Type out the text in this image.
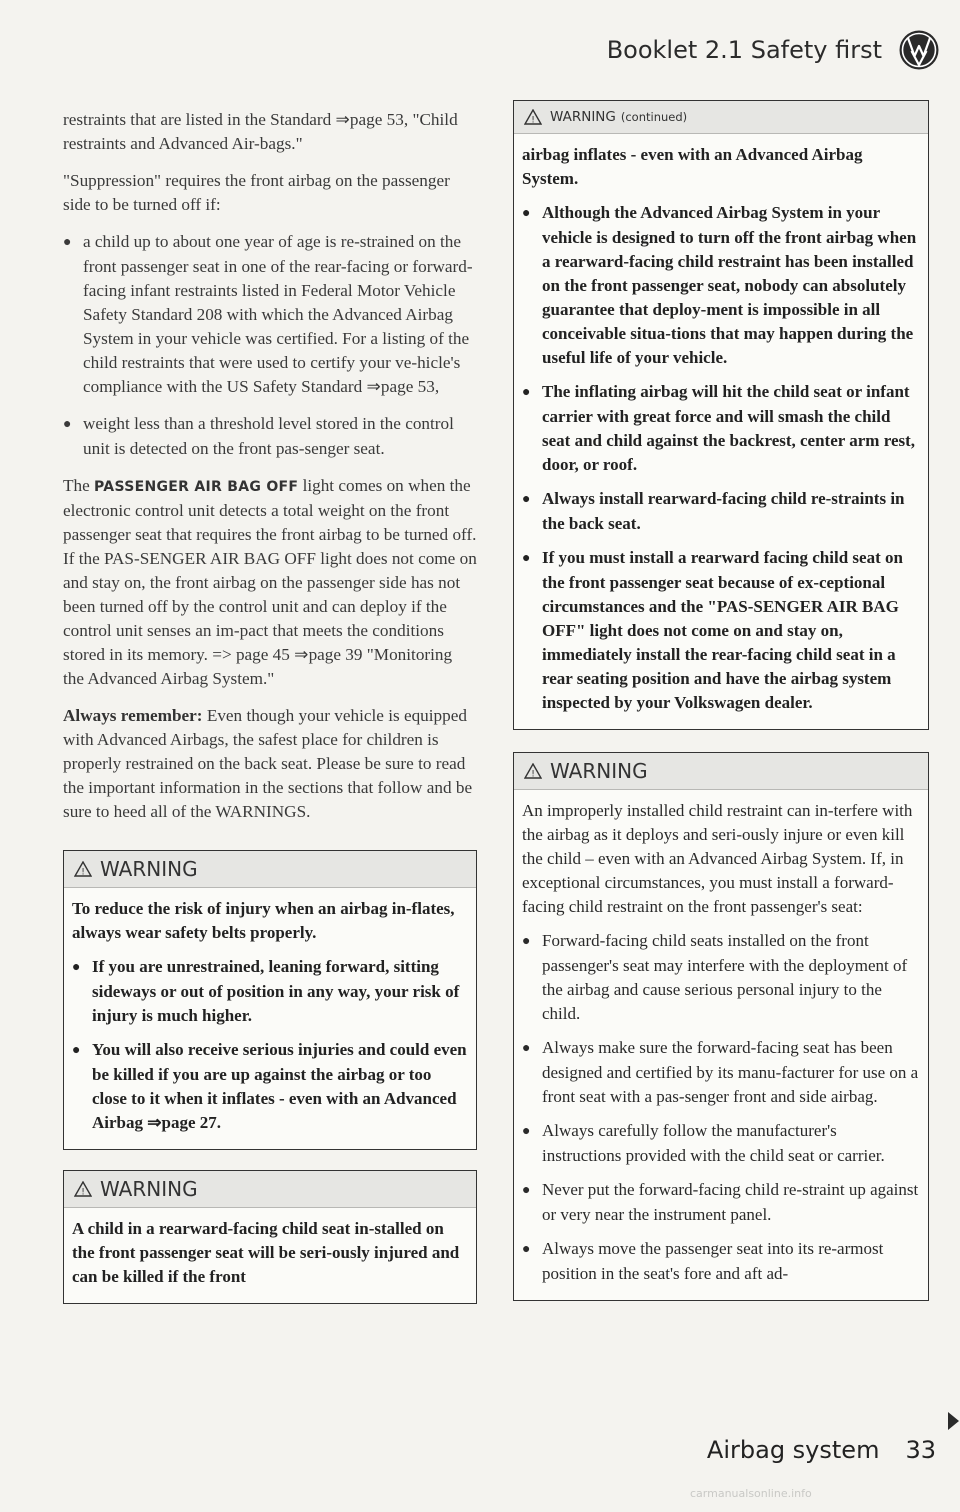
Booklet 2.1 Safety first

restraints that are listed in the Standard ⇒page 53, "Child restraints and Advanced Air-bags."

"Suppression" requires the front airbag on the passenger side to be turned off if:

● a child up to about one year of age is re-strained on the front passenger seat in one of the rear-facing or forward-facing infant restraints listed in Federal Motor Vehicle Safety Standard 208 with which the Advanced Airbag System in your vehicle was certified. For a listing of the child restraints that were used to certify your ve-hicle's compliance with the US Safety Standard ⇒page 53,

● weight less than a threshold level stored in the control unit is detected on the front pas-senger seat.

The PASSENGER AIR BAG OFF light comes on when the electronic control unit detects a total weight on the front passenger seat that requires the front airbag to be turned off. If the PAS-SENGER AIR BAG OFF light does not come on and stay on, the front airbag on the passenger side has not been turned off by the control unit and can deploy if the control unit senses an im-pact that meets the conditions stored in its memory. => page 45 ⇒page 39 "Monitoring the Advanced Airbag System."

Always remember: Even though your vehicle is equipped with Advanced Airbags, the safest place for children is properly restrained on the back seat. Please be sure to read the important information in the sections that follow and be sure to heed all of the WARNINGS.

! WARNING

To reduce the risk of injury when an airbag in-flates, always wear safety belts properly.

● If you are unrestrained, leaning forward, sitting sideways or out of position in any way, your risk of injury is much higher.

● You will also receive serious injuries and could even be killed if you are up against the airbag or too close to it when it inflates - even with an Advanced Airbag ⇒page 27.

! WARNING

A child in a rearward-facing child seat in-stalled on the front passenger seat will be seri-ously injured and can be killed if the front

! WARNING (continued)

airbag inflates - even with an Advanced Airbag System.

● Although the Advanced Airbag System in your vehicle is designed to turn off the front airbag when a rearward-facing child restraint has been installed on the front passenger seat, nobody can absolutely guarantee that deploy-ment is impossible in all conceivable situa-tions that may happen during the useful life of your vehicle.

● The inflating airbag will hit the child seat or infant carrier with great force and will smash the child seat and child against the backrest, center arm rest, door, or roof.

● Always install rearward-facing child re-straints in the back seat.

● If you must install a rearward facing child seat on the front passenger seat because of ex-ceptional circumstances and the "PAS-SENGER AIR BAG OFF" light does not come on and stay on, immediately install the rear-facing child seat in a rear seating position and have the airbag system inspected by your Volkswagen dealer.

! WARNING

An improperly installed child restraint can in-terfere with the airbag as it deploys and seri-ously injure or even kill the child – even with an Advanced Airbag System. If, in exceptional circumstances, you must install a forward-facing child restraint on the front passenger's seat:

● Forward-facing child seats installed on the front passenger's seat may interfere with the deployment of the airbag and cause serious personal injury to the child.

● Always make sure the forward-facing seat has been designed and certified by its manu-facturer for use on a front seat with a pas-senger front and side airbag.

● Always carefully follow the manufacturer's instructions provided with the child seat or carrier.

● Never put the forward-facing child re-straint up against or very near the instrument panel.

● Always move the passenger seat into its re-armost position in the seat's fore and aft ad-

Airbag system 33
carmanualsonline.info
